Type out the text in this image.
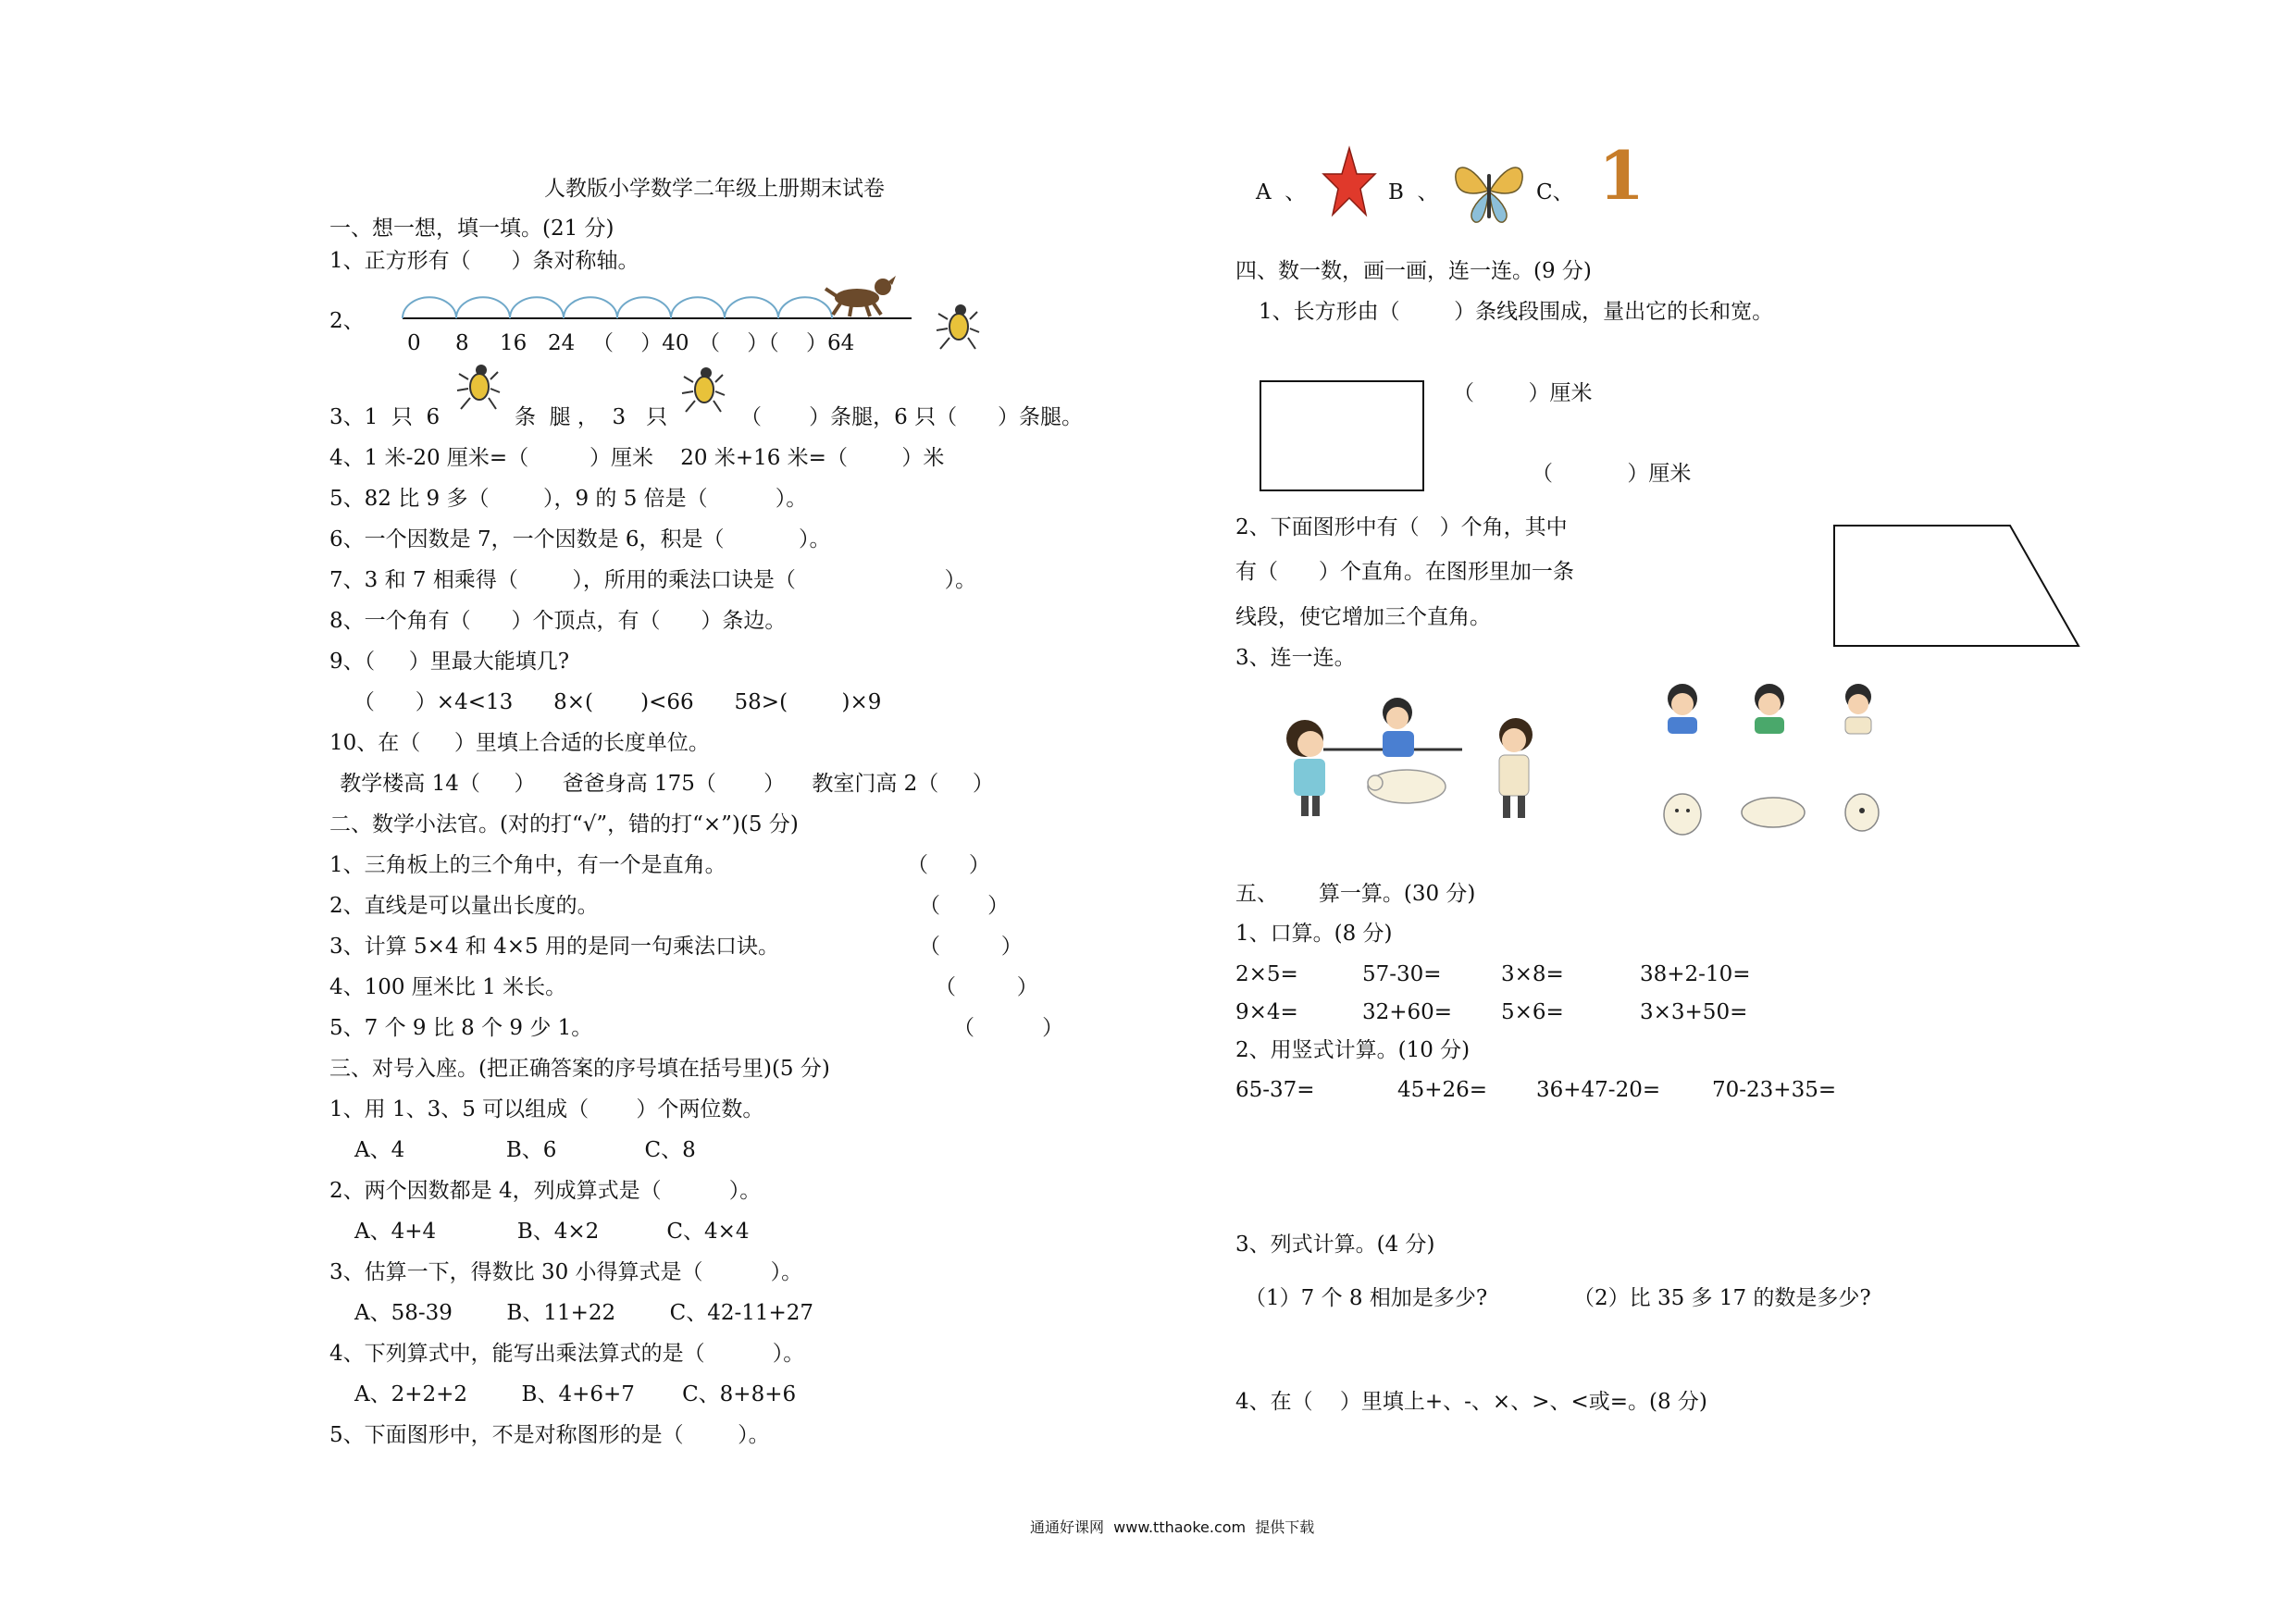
人教版小学数学二年级上册期末试卷
一、想一想，填一填。(21 分)
1、正方形有（      ）条对称轴。
2、
0 8 16 24 （    ）40 （    ）（    ）64
3、1  只  6	条  腿 ，  3   只	（       ）条腿，6 只（      ）条腿。
4、1 米-20 厘米=（         ）厘米    20 米+16 米=（        ）米
5、82 比 9 多（        ），9 的 5 倍是（          ）。
6、一个因数是 7，一个因数是 6，积是（           ）。
7、3 和 7 相乘得（        ），所用的乘法口诀是（                      ）。
8、一个角有（      ）个顶点，有（      ）条边。
9、（     ）里最大能填几?
（      ）×4<13      8×(       )<66      58>(        )×9
10、在（     ）里填上合适的长度单位。
教学楼高 14（     ）    爸爸身高 175（       ）    教室门高 2（     ）
二、数学小法官。(对的打“√”，错的打“×”)(5 分)
1、三角板上的三个角中，有一个是直角。	（      ）
2、直线是可以量出长度的。	（       ）
3、计算 5×4 和 4×5 用的是同一句乘法口诀。	（         ）
4、100 厘米比 1 米长。	（         ）
5、7 个 9 比 8 个 9 少 1。	（          ）
三、对号入座。(把正确答案的序号填在括号里)(5 分)
1、用 1、3、5 可以组成（       ）个两位数。
A、4               B、6             C、8
2、两个因数都是 4，列成算式是（          ）。
A、4+4            B、4×2          C、4×4
3、估算一下，得数比 30 小得算式是（          ）。
A、58-39        B、11+22        C、42-11+27
4、下列算式中，能写出乘法算式的是（          ）。
A、2+2+2        B、4+6+7       C、8+8+6
5、下面图形中，不是对称图形的是（        ）。
A  、	B  、	C、 1
四、数一数，画一画，连一连。(9 分)
1、长方形由（        ）条线段围成，量出它的长和宽。
（        ）厘米
（           ）厘米
2、下面图形中有（   ）个角，其中
有（      ）个直角。在图形里加一条
线段，使它增加三个直角。
3、连一连。
五、      算一算。(30 分)
1、口算。(8 分)
2×5=	57-30=	3×8=	38+2-10=
9×4=	32+60= 5×6=	3×3+50=
2、用竖式计算。(10 分)
65-37=	45+26= 36+47-20= 70-23+35=
3、列式计算。(4 分)
（1）7 个 8 相加是多少?	（2）比 35 多 17 的数是多少?
4、在（    ）里填上+、-、×、>、<或=。(8 分)
通通好课网  www.tthaoke.com  提供下载
